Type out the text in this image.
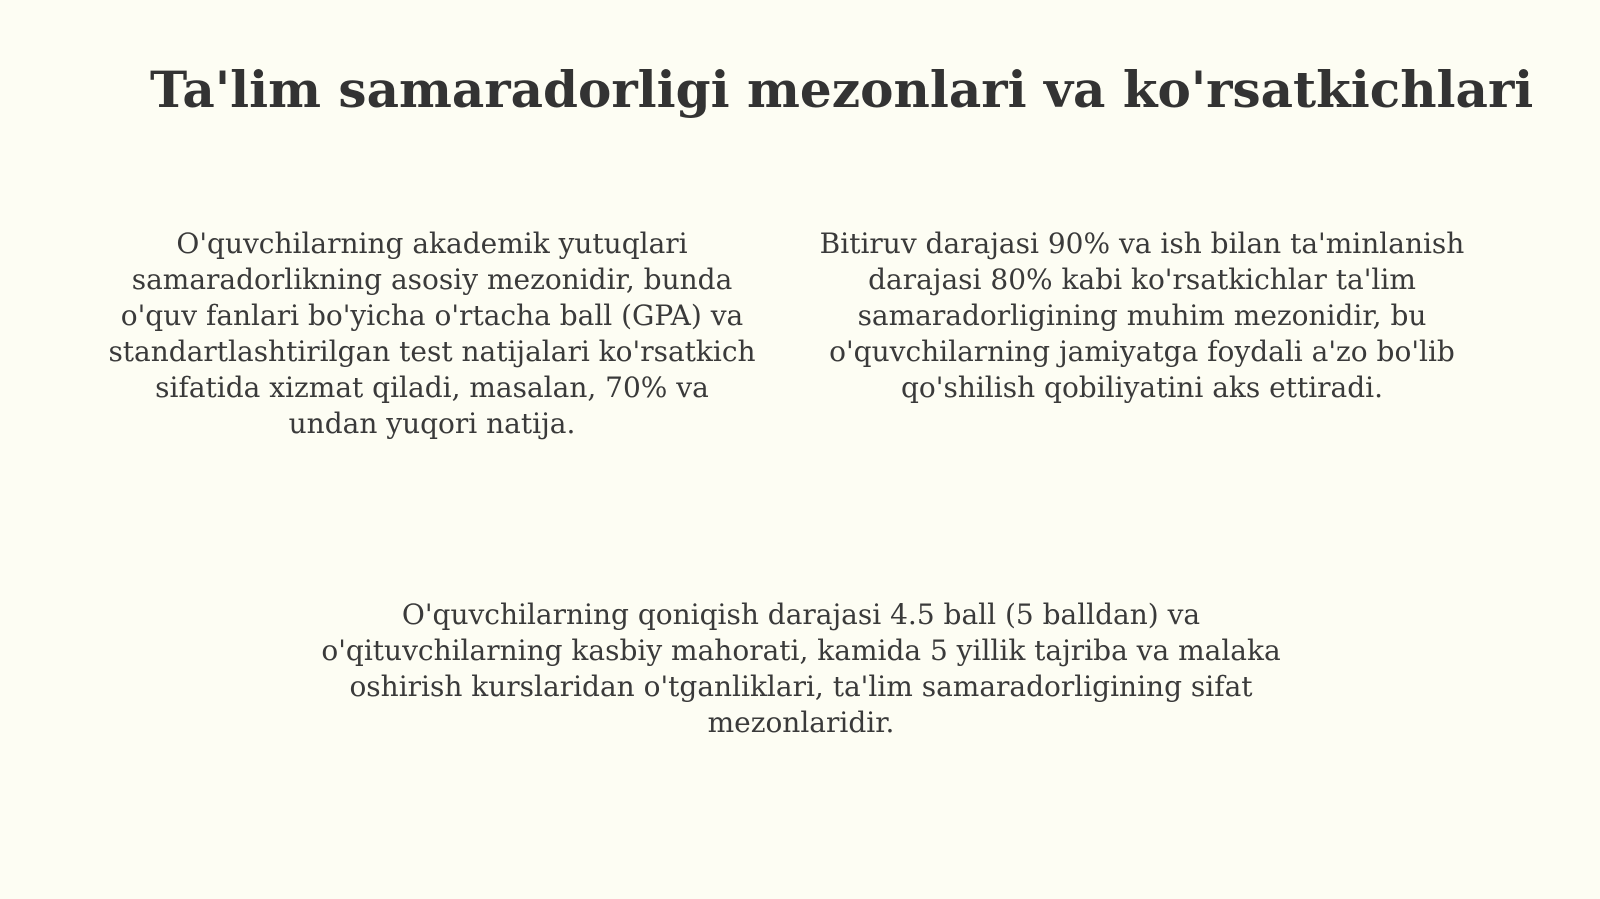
Ta'lim samaradorligi mezonlari va ko'rsatkichlari

O'quvchilarning akademik yutuqlari samaradorlikning asosiy mezonidir, bunda o'quv fanlari bo'yicha o'rtacha ball (GPA) va standartlashtirilgan test natijalari ko'rsatkich sifatida xizmat qiladi, masalan, 70% va undan yuqori natija.

Bitiruv darajasi 90% va ish bilan ta'minlanish darajasi 80% kabi ko'rsatkichlar ta'lim samaradorligining muhim mezonidir, bu o'quvchilarning jamiyatga foydali a'zo bo'lib qo'shilish qobiliyatini aks ettiradi.

O'quvchilarning qoniqish darajasi 4.5 ball (5 balldan) va o'qituvchilarning kasbiy mahorati, kamida 5 yillik tajriba va malaka oshirish kurslaridan o'tganliklari, ta'lim samaradorligining sifat mezonlaridir.
